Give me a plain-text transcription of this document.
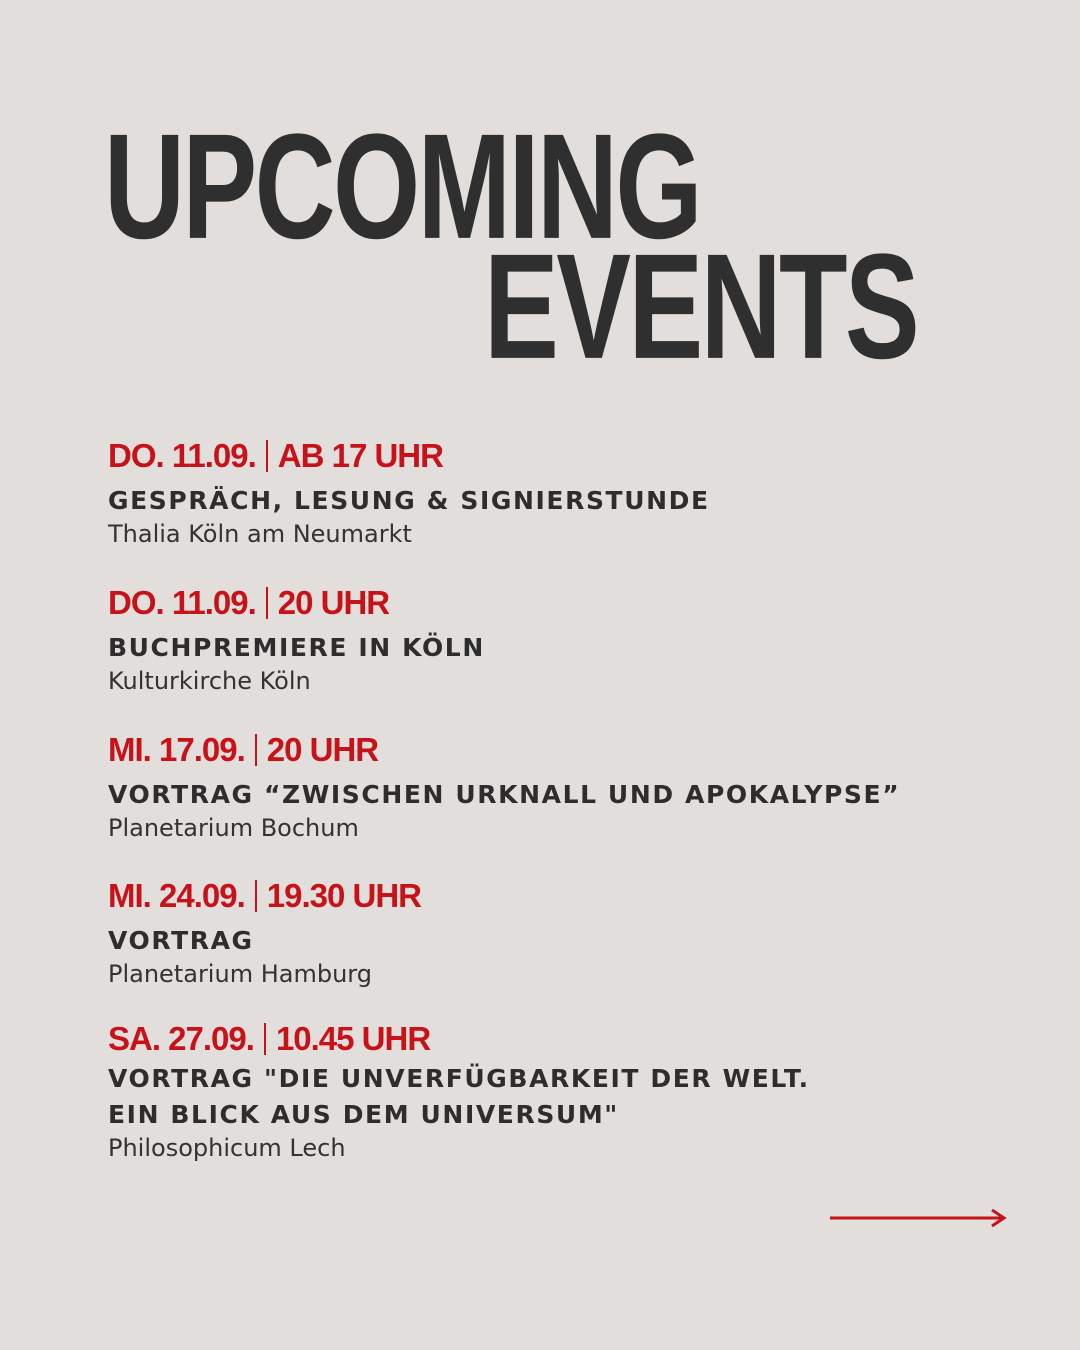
UPCOMING
EVENTS
DO. 11.09. AB 17 UHR
GESPRÄCH, LESUNG & SIGNIERSTUNDE
Thalia Köln am Neumarkt
DO. 11.09. 20 UHR
BUCHPREMIERE IN KÖLN
Kulturkirche Köln
MI. 17.09. 20 UHR
VORTRAG “ZWISCHEN URKNALL UND APOKALYPSE”
Planetarium Bochum
MI. 24.09. 19.30 UHR
VORTRAG
Planetarium Hamburg
SA. 27.09. 10.45 UHR
VORTRAG "DIE UNVERFÜGBARKEIT DER WELT.
EIN BLICK AUS DEM UNIVERSUM"
Philosophicum Lech
